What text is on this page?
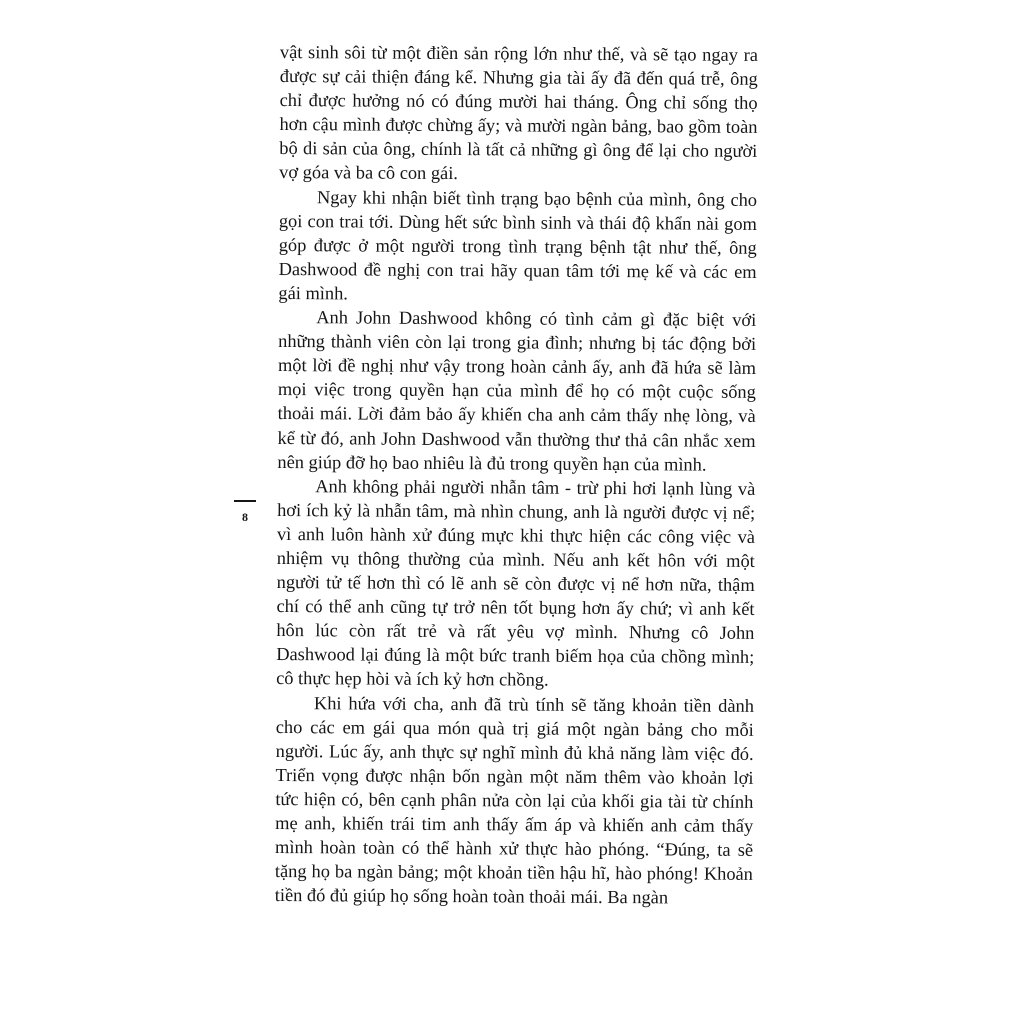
vật sinh sôi từ một điền sản rộng lớn như thế, và sẽ tạo ngay ra được sự cải thiện đáng kể. Nhưng gia tài ấy đã đến quá trễ, ông chỉ được hưởng nó có đúng mười hai tháng. Ông chỉ sống thọ hơn cậu mình được chừng ấy; và mười ngàn bảng, bao gồm toàn bộ di sản của ông, chính là tất cả những gì ông để lại cho người vợ góa và ba cô con gái.

Ngay khi nhận biết tình trạng bạo bệnh của mình, ông cho gọi con trai tới. Dùng hết sức bình sinh và thái độ khẩn nài gom góp được ở một người trong tình trạng bệnh tật như thế, ông Dashwood đề nghị con trai hãy quan tâm tới mẹ kế và các em gái mình.

Anh John Dashwood không có tình cảm gì đặc biệt với những thành viên còn lại trong gia đình; nhưng bị tác động bởi một lời đề nghị như vậy trong hoàn cảnh ấy, anh đã hứa sẽ làm mọi việc trong quyền hạn của mình để họ có một cuộc sống thoải mái. Lời đảm bảo ấy khiến cha anh cảm thấy nhẹ lòng, và kể từ đó, anh John Dashwood vẫn thường thư thả cân nhắc xem nên giúp đỡ họ bao nhiêu là đủ trong quyền hạn của mình.

Anh không phải người nhẫn tâm - trừ phi hơi lạnh lùng và hơi ích kỷ là nhẫn tâm, mà nhìn chung, anh là người được vị nể; vì anh luôn hành xử đúng mực khi thực hiện các công việc và nhiệm vụ thông thường của mình. Nếu anh kết hôn với một người tử tế hơn thì có lẽ anh sẽ còn được vị nể hơn nữa, thậm chí có thể anh cũng tự trở nên tốt bụng hơn ấy chứ; vì anh kết hôn lúc còn rất trẻ và rất yêu vợ mình. Nhưng cô John Dashwood lại đúng là một bức tranh biếm họa của chồng mình; cô thực hẹp hòi và ích kỷ hơn chồng.

Khi hứa với cha, anh đã trù tính sẽ tăng khoản tiền dành cho các em gái qua món quà trị giá một ngàn bảng cho mỗi người. Lúc ấy, anh thực sự nghĩ mình đủ khả năng làm việc đó. Triển vọng được nhận bốn ngàn một năm thêm vào khoản lợi tức hiện có, bên cạnh phân nửa còn lại của khối gia tài từ chính mẹ anh, khiến trái tim anh thấy ấm áp và khiến anh cảm thấy mình hoàn toàn có thể hành xử thực hào phóng. “Đúng, ta sẽ tặng họ ba ngàn bảng; một khoản tiền hậu hĩ, hào phóng! Khoản tiền đó đủ giúp họ sống hoàn toàn thoải mái. Ba ngàn

8
